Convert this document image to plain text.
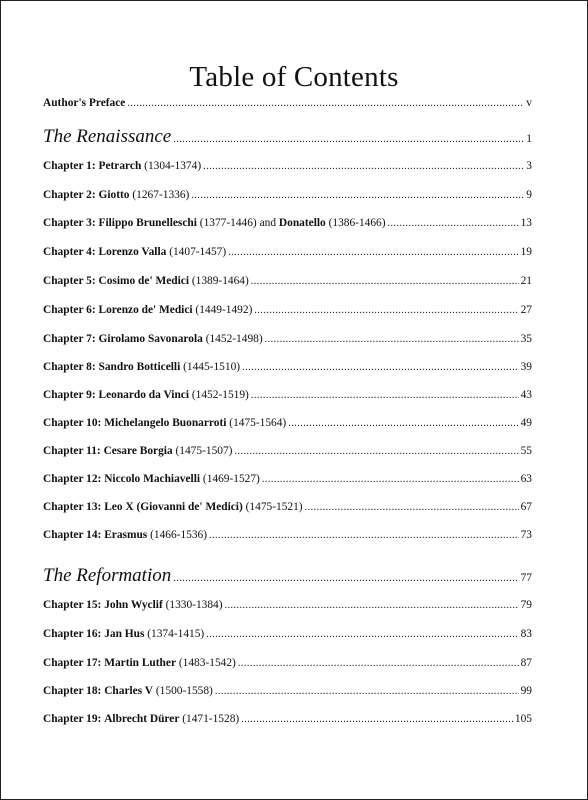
Table of Contents
Author's Preface .....	v
The Renaissance .....	1
Chapter 1: Petrarch (1304-1374) .....	3
Chapter 2: Giotto (1267-1336) .....	9
Chapter 3: Filippo Brunelleschi (1377-1446) and Donatello (1386-1466) .....	13
Chapter 4: Lorenzo Valla (1407-1457) .....	19
Chapter 5: Cosimo de' Medici (1389-1464) .....	21
Chapter 6: Lorenzo de' Medici (1449-1492) .....	27
Chapter 7: Girolamo Savonarola (1452-1498) .....	35
Chapter 8: Sandro Botticelli (1445-1510) .....	39
Chapter 9: Leonardo da Vinci (1452-1519) .....	43
Chapter 10: Michelangelo Buonarroti (1475-1564) .....	49
Chapter 11: Cesare Borgia (1475-1507) .....	55
Chapter 12: Niccolo Machiavelli (1469-1527) .....	63
Chapter 13: Leo X (Giovanni de' Medici) (1475-1521) .....	67
Chapter 14: Erasmus (1466-1536) .....	73
The Reformation .....	77
Chapter 15: John Wyclif (1330-1384) .....	79
Chapter 16: Jan Hus (1374-1415) .....	83
Chapter 17: Martin Luther (1483-1542) .....	87
Chapter 18: Charles V (1500-1558) .....	99
Chapter 19: Albrecht Dürer (1471-1528) .....	105
